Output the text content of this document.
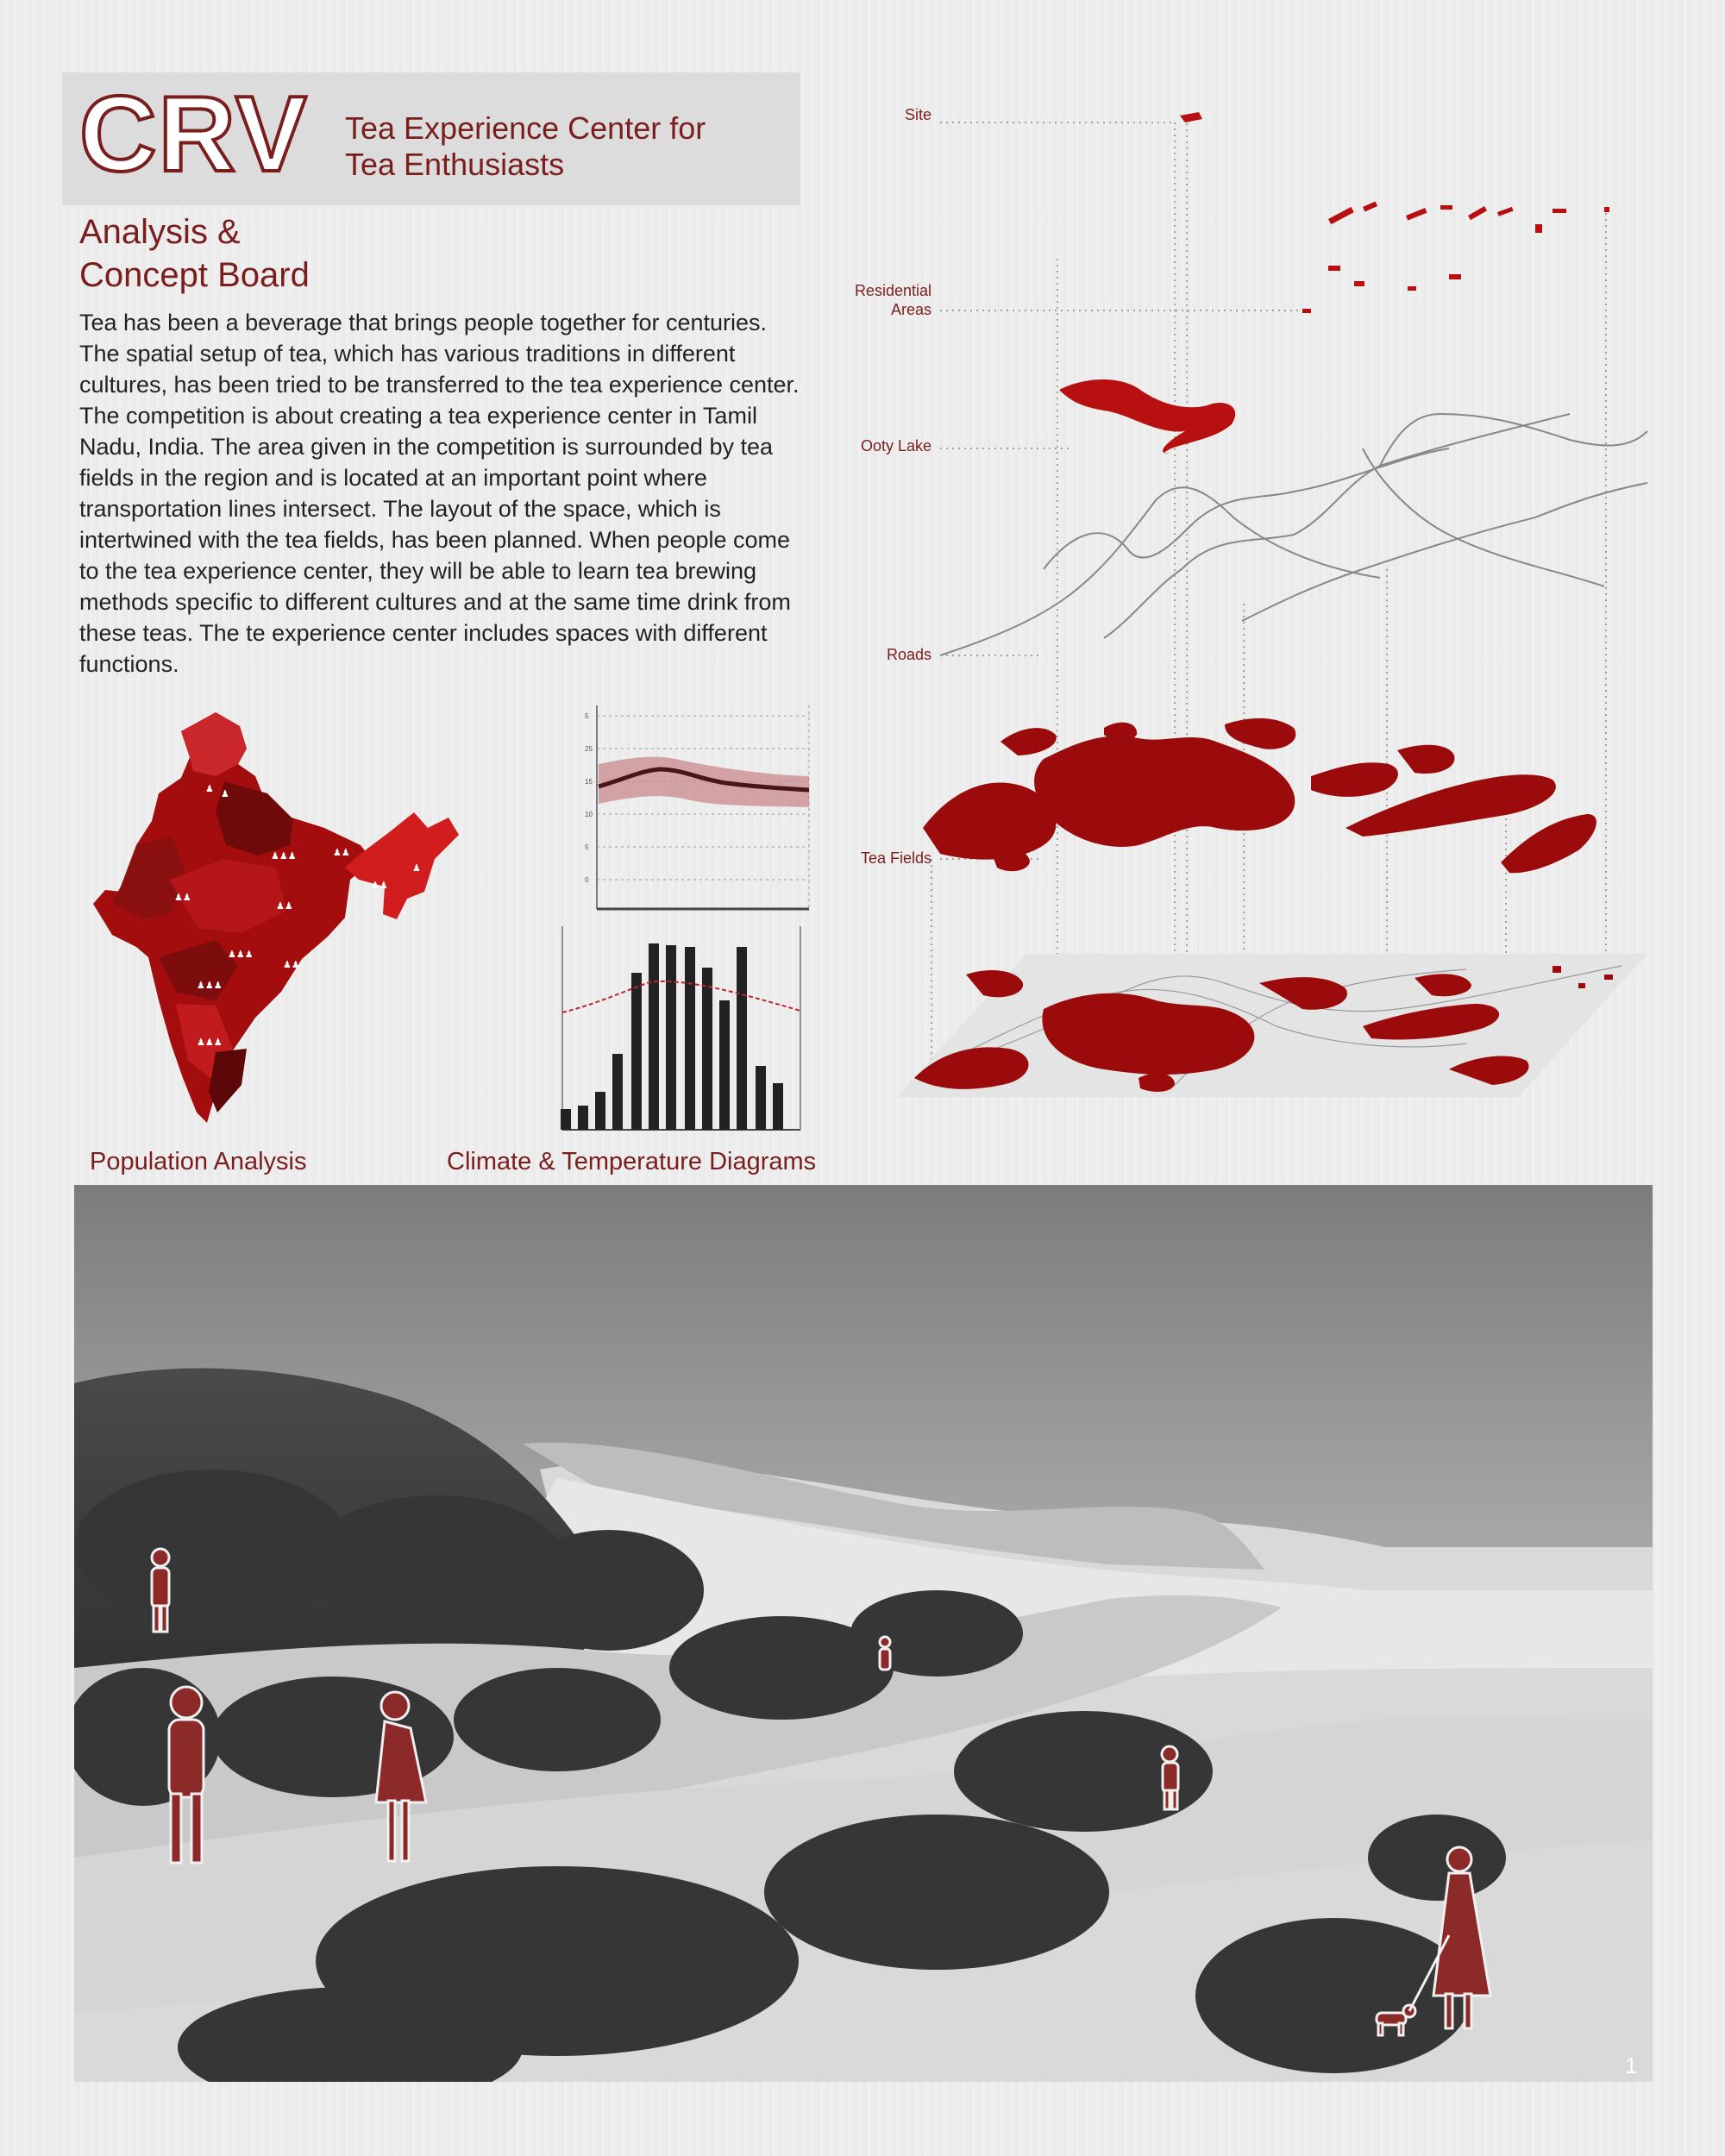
CRV Tea Experience Center for
Tea Enthusiasts
Analysis &
Concept Board
Tea has been a beverage that brings people together for centuries. The spatial setup of tea, which has various traditions in different cultures, has been tried to be transferred to the tea experience center. The competition is about creating a tea experience center in Tamil Nadu, India. The area given in the competition is surrounded by tea fields in the region and is located at an important point where transportation lines intersect. The layout of the space, which is intertwined with the tea fields, has been planned. When people come to the tea experience center, they will be able to learn tea brewing methods specific to different cultures and at the same time drink from these teas. The te experience center includes spaces with different functions.
♟ ♟
♟♟♟	♟♟
♟♟
♟♟
♟♟♟
♟♟
♟♟♟
♟♟
♟♟♟
♟
Population Analysis
5
25
15
10
5
0
Climate & Temperature Diagrams
Site
Residential
Areas
Ooty Lake
Roads
Tea Fields
1
